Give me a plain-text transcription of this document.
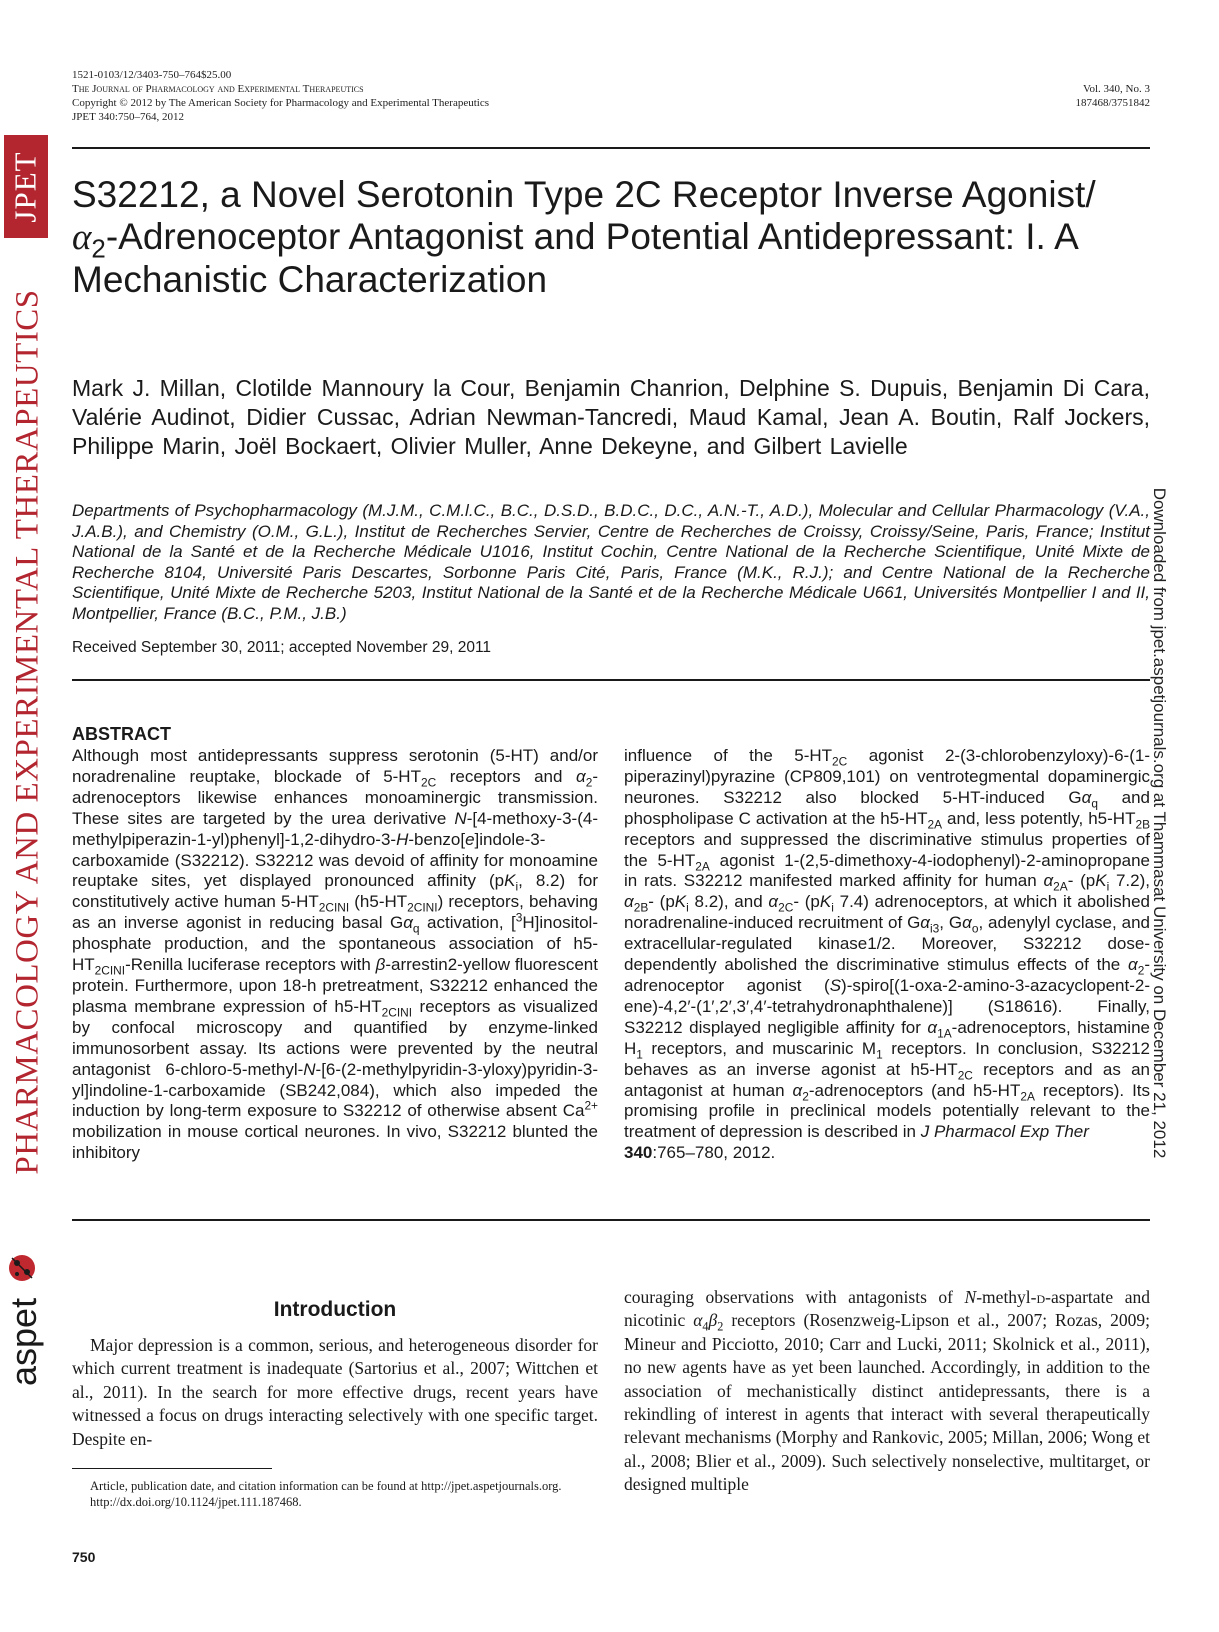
JPET
PHARMACOLOGY AND EXPERIMENTAL THERAPEUTICS
aspet
Downloaded from jpet.aspetjournals.org at Thammasat University on December 21, 2012
1521-0103/12/3403-750–764$25.00
The Journal of Pharmacology and Experimental Therapeutics
Copyright © 2012 by The American Society for Pharmacology and Experimental Therapeutics
JPET 340:750–764, 2012
Vol. 340, No. 3
187468/3751842
S32212, a Novel Serotonin Type 2C Receptor Inverse Agonist/
$\alpha_2$-Adrenoceptor Antagonist and Potential Antidepressant: I. A
Mechanistic Characterization
Mark J. Millan, Clotilde Mannoury la Cour, Benjamin Chanrion, Delphine S. Dupuis, Benjamin Di Cara, Valérie Audinot, Didier Cussac, Adrian Newman-Tancredi, Maud Kamal, Jean A. Boutin, Ralf Jockers, Philippe Marin, Joël Bockaert, Olivier Muller, Anne Dekeyne, and Gilbert Lavielle
Departments of Psychopharmacology (M.J.M., C.M.l.C., B.C., D.S.D., B.D.C., D.C., A.N.-T., A.D.), Molecular and Cellular Pharmacology (V.A., J.A.B.), and Chemistry (O.M., G.L.), Institut de Recherches Servier, Centre de Recherches de Croissy, Croissy/Seine, Paris, France; Institut National de la Santé et de la Recherche Médicale U1016, Institut Cochin, Centre National de la Recherche Scientifique, Unité Mixte de Recherche 8104, Université Paris Descartes, Sorbonne Paris Cité, Paris, France (M.K., R.J.); and Centre National de la Recherche Scientifique, Unité Mixte de Recherche 5203, Institut National de la Santé et de la Recherche Médicale U661, Universités Montpellier I and II, Montpellier, France (B.C., P.M., J.B.)
Received September 30, 2011; accepted November 29, 2011
ABSTRACT
Although most antidepressants suppress serotonin (5-HT) and/or noradrenaline reuptake, blockade of $5-HT_{2C}$ receptors and $\alpha_2$-adrenoceptors likewise enhances monoaminergic transmission. These sites are targeted by the urea derivative N-[4-methoxy-3-(4-methylpiperazin-1-yl)phenyl]-1,2-dihydro-3-H-benzo[e]indole-3-carboxamide (S32212). S32212 was devoid of affinity for monoamine reuptake sites, yet displayed pronounced affinity ($pK_i$, 8.2) for constitutively active human $5-HT_{2CINI}$ $(h5-HT_{2CINI})$ receptors, behaving as an inverse agonist in reducing basal $G\alpha_q$ activation, [$^3$H]inositol-phosphate production, and the spontaneous association of $h5-HT_{2CINI}$-Renilla luciferase receptors with β-arrestin2-yellow fluorescent protein. Furthermore, upon 18-h pretreatment, S32212 enhanced the plasma membrane expression of $h5-HT_{2CINI}$ receptors as visualized by confocal microscopy and quantified by enzyme-linked immunosorbent assay. Its actions were prevented by the neutral antagonist 6-chloro-5-methyl-N-[6-(2-methylpyridin-3-yloxy)pyridin-3-yl]indoline-1-carboxamide (SB242,084), which also impeded the induction by long-term exposure to S32212 of otherwise absent $Ca^{2+}$ mobilization in mouse cortical neurones. In vivo, S32212 blunted the inhibitory
influence of the $5-HT_{2C}$ agonist 2-(3-chlorobenzyloxy)-6-(1-piperazinyl)pyrazine (CP809,101) on ventrotegmental dopaminergic neurones. S32212 also blocked 5-HT-induced $G\alpha_q$ and phospholipase C activation at the $h5-HT_{2A}$ and, less potently, $h5-HT_{2B}$ receptors and suppressed the discriminative stimulus properties of the $5-HT_{2A}$ agonist 1-(2,5-dimethoxy-4-iodophenyl)-2-aminopropane in rats. S32212 manifested marked affinity for human $\alpha_{2A}-$ ($pK_i$ 7.2), $\alpha_{2B}-$ ($pK_i$ 8.2), and $\alpha_{2C}-$ ($pK_i$ 7.4) adrenoceptors, at which it abolished noradrenaline-induced recruitment of $G\alpha_{i3}$, $G\alpha_o$, adenylyl cyclase, and extracellular-regulated kinase1/2. Moreover, S32212 dose-dependently abolished the discriminative stimulus effects of the $\alpha_2$-adrenoceptor agonist (S)-spiro[(1-oxa-2-amino-3-azacyclopent-2-ene)-4,2′-(1′,2′,3′,4′-tetrahydronaphthalene)] (S18616). Finally, S32212 displayed negligible affinity for $\alpha_{1A}$-adrenoceptors, histamine $H_1$ receptors, and muscarinic $M_1$ receptors. In conclusion, S32212 behaves as an inverse agonist at $h5-HT_{2C}$ receptors and as an antagonist at human $\alpha_2$-adrenoceptors (and $h5-HT_{2A}$ receptors). Its promising profile in preclinical models potentially relevant to the treatment of depression is described in J Pharmacol Exp Ther
340:765–780, 2012.
Introduction
Major depression is a common, serious, and heterogeneous disorder for which current treatment is inadequate (Sartorius et al., 2007; Wittchen et al., 2011). In the search for more effective drugs, recent years have witnessed a focus on drugs interacting selectively with one specific target. Despite en-
couraging observations with antagonists of N-methyl-d-aspartate and nicotinic $\alpha_4\beta_2$ receptors (Rosenzweig-Lipson et al., 2007; Rozas, 2009; Mineur and Picciotto, 2010; Carr and Lucki, 2011; Skolnick et al., 2011), no new agents have as yet been launched. Accordingly, in addition to the association of mechanistically distinct antidepressants, there is a rekindling of interest in agents that interact with several therapeutically relevant mechanisms (Morphy and Rankovic, 2005; Millan, 2006; Wong et al., 2008; Blier et al., 2009). Such selectively nonselective, multitarget, or designed multiple
Article, publication date, and citation information can be found at http://jpet.aspetjournals.org.
http://dx.doi.org/10.1124/jpet.111.187468.
750
